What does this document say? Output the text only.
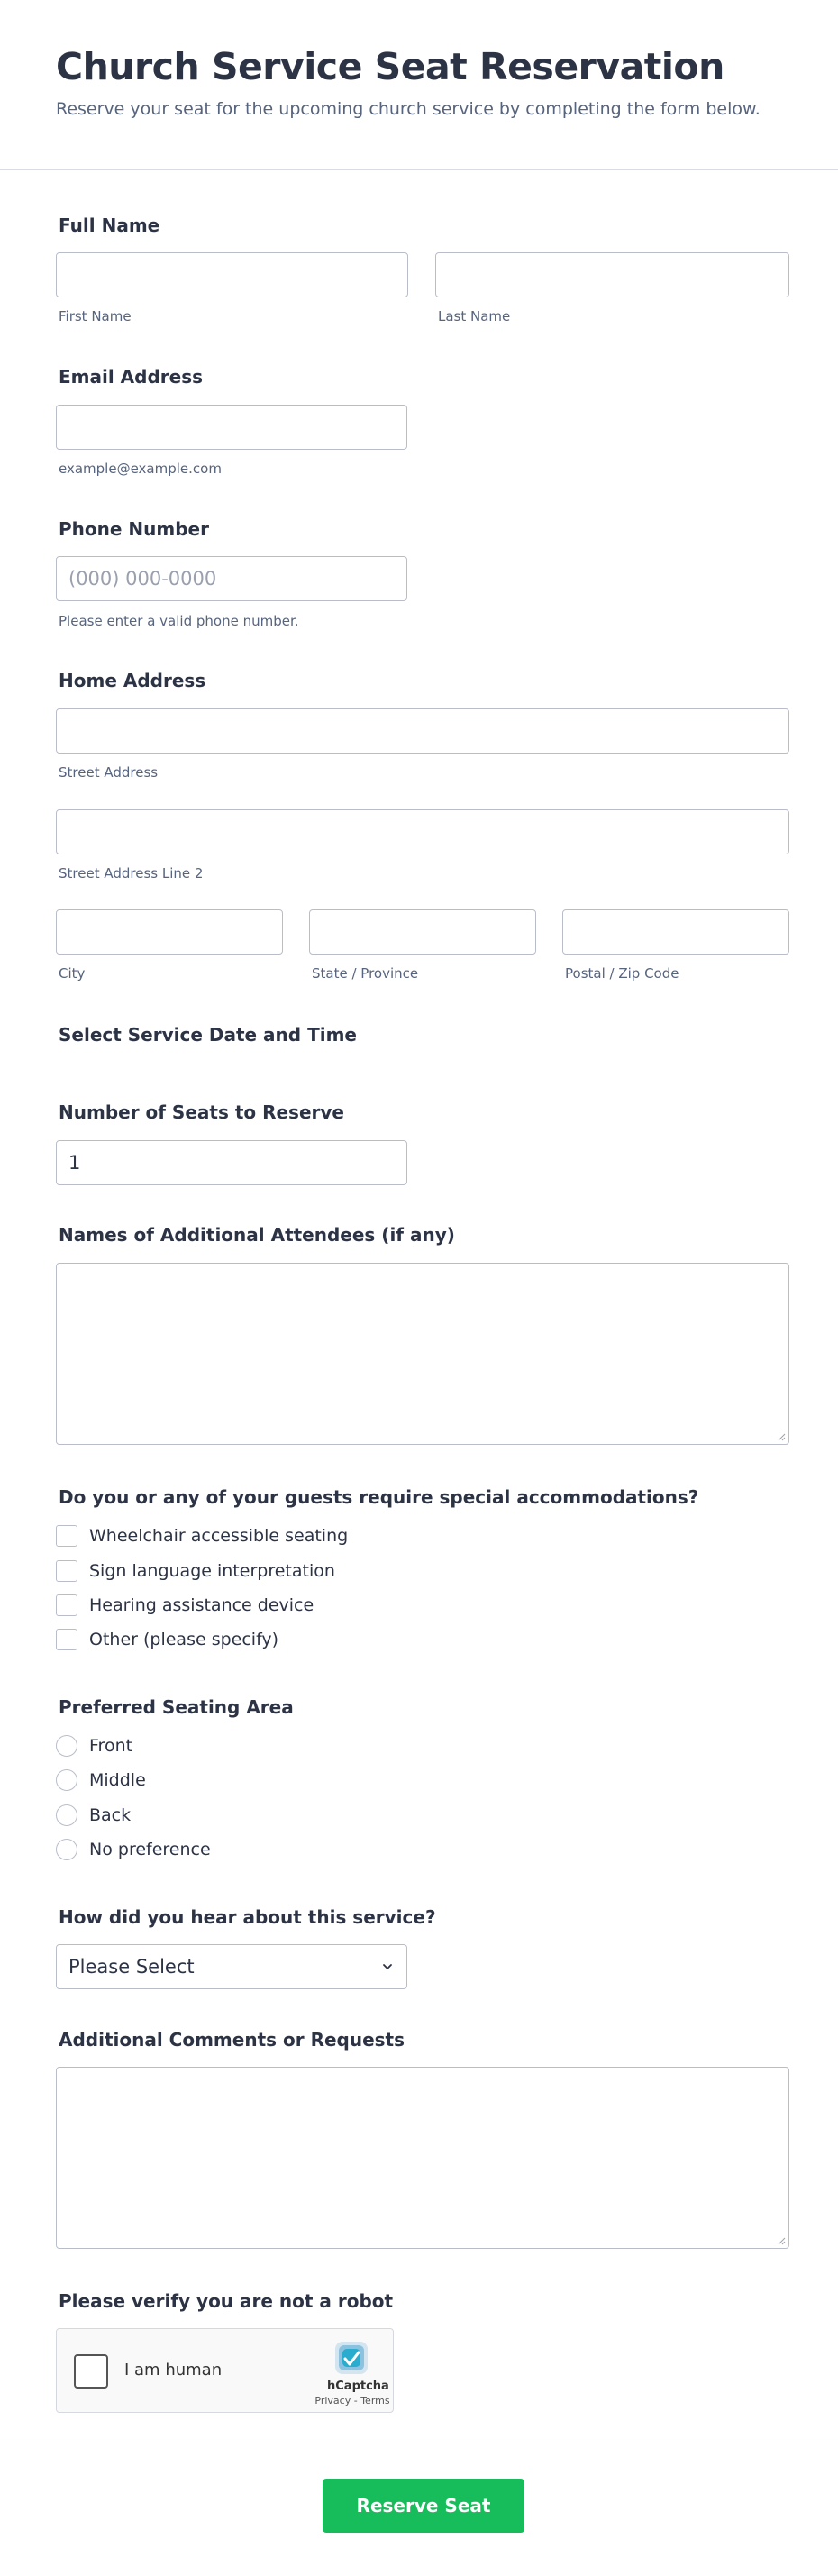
Church Service Seat Reservation
Reserve your seat for the upcoming church service by completing the form below.
Full Name
First Name	Last Name
Email Address
example@example.com
Phone Number
(000) 000-0000
Please enter a valid phone number.
Home Address
Street Address
Street Address Line 2
City	State / Province	Postal / Zip Code
Select Service Date and Time
Number of Seats to Reserve
1
Names of Additional Attendees (if any)
Do you or any of your guests require special accommodations?
Wheelchair accessible seating
Sign language interpretation
Hearing assistance device
Other (please specify)
Preferred Seating Area
Front
Middle
Back
No preference
How did you hear about this service?
Please Select
Additional Comments or Requests
Please verify you are not a robot
I am human
hCaptcha
Privacy - Terms
Reserve Seat
